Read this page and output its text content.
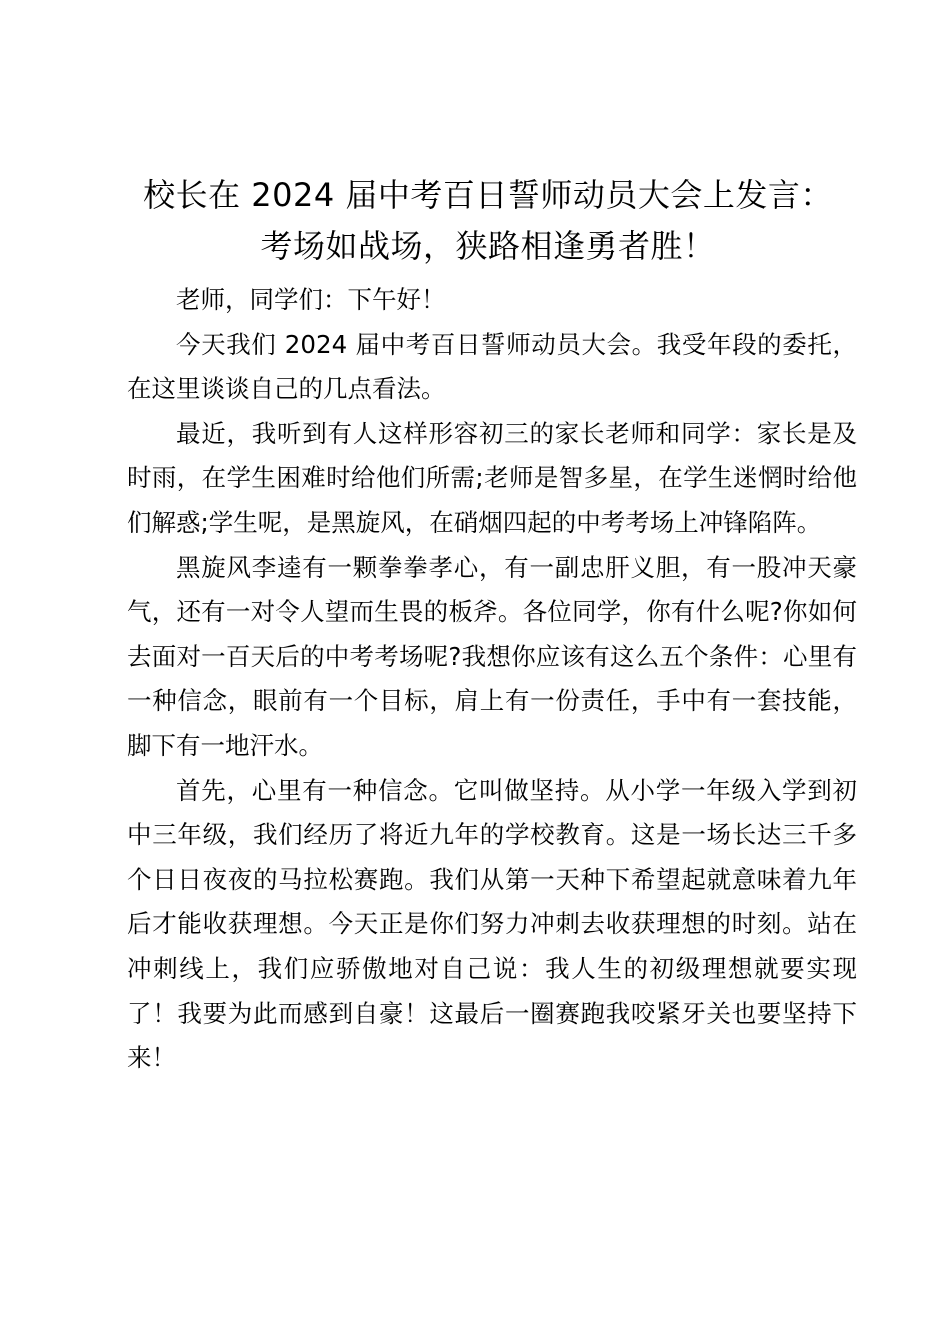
校长在 2024 届中考百日誓师动员大会上发言：
考场如战场，狭路相逢勇者胜！

老师，同学们：下午好！

今天我们 2024 届中考百日誓师动员大会。我受年段的委托，在这里谈谈自己的几点看法。

最近，我听到有人这样形容初三的家长老师和同学：家长是及时雨，在学生困难时给他们所需;老师是智多星，在学生迷惘时给他们解惑;学生呢，是黑旋风，在硝烟四起的中考考场上冲锋陷阵。

黑旋风李逵有一颗拳拳孝心，有一副忠肝义胆，有一股冲天豪气，还有一对令人望而生畏的板斧。各位同学，你有什么呢?你如何去面对一百天后的中考考场呢?我想你应该有这么五个条件：心里有一种信念，眼前有一个目标，肩上有一份责任，手中有一套技能，脚下有一地汗水。

首先，心里有一种信念。它叫做坚持。从小学一年级入学到初中三年级，我们经历了将近九年的学校教育。这是一场长达三千多个日日夜夜的马拉松赛跑。我们从第一天种下希望起就意味着九年后才能收获理想。今天正是你们努力冲刺去收获理想的时刻。站在冲刺线上，我们应骄傲地对自己说：我人生的初级理想就要实现了！我要为此而感到自豪！这最后一圈赛跑我咬紧牙关也要坚持下来！
